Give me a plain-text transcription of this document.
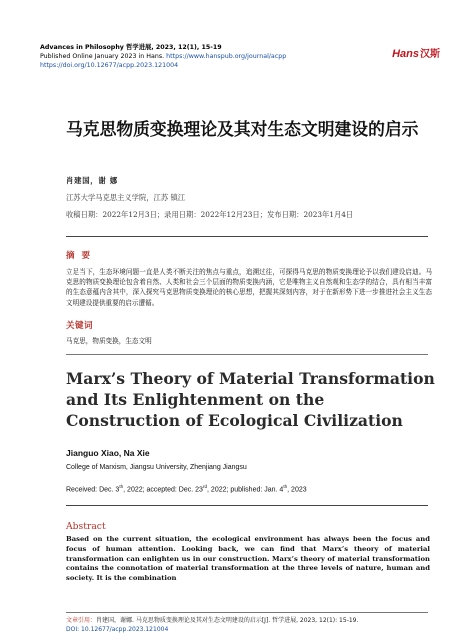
Advances in Philosophy 哲学进展, 2023, 12(1), 15-19
Published Online January 2023 in Hans. https://www.hanspub.org/journal/acpp
https://doi.org/10.12677/acpp.2023.121004
Hans汉斯
马克思物质变换理论及其对生态文明建设的启示
肖建国，谢 娜
江苏大学马克思主义学院，江苏 镇江
收稿日期：2022年12月3日；录用日期：2022年12月23日；发布日期：2023年1月4日
摘 要
立足当下，生态环境问题一直是人类不断关注的焦点与重点，追溯过往，可探得马克思的物质变换理论予以我们建设启迪。马克思的物质变换理论包含着自然、人类和社会三个层面的物质变换内涵，它是唯物主义自然观和生态学的结合，具有相当丰富的生态意蕴内含其中，深入探究马克思物质变换理论的核心思想，把握其深刻内容，对于在新形势下进一步推进社会主义生态文明建设提供重要的启示遭循。
关键词
马克思，物质变换，生态文明
Marx’s Theory of Material Transformation and Its Enlightenment on the Construction of Ecological Civilization
Jianguo Xiao, Na Xie
College of Marxism, Jiangsu University, Zhenjiang Jiangsu
Received: Dec. 3th, 2022; accepted: Dec. 23rd, 2022; published: Jan. 4th, 2023
Abstract
Based on the current situation, the ecological environment has always been the focus and focus of human attention. Looking back, we can find that Marx’s theory of material transformation can enlighten us in our construction. Marx’s theory of material transformation contains the connotation of material transformation at the three levels of nature, human and society. It is the combination
文章引用：肖建国，谢娜. 马克思物质变换理论及其对生态文明建设的启示[J]. 哲学进展, 2023, 12(1): 15-19.
DOI: 10.12677/acpp.2023.121004
